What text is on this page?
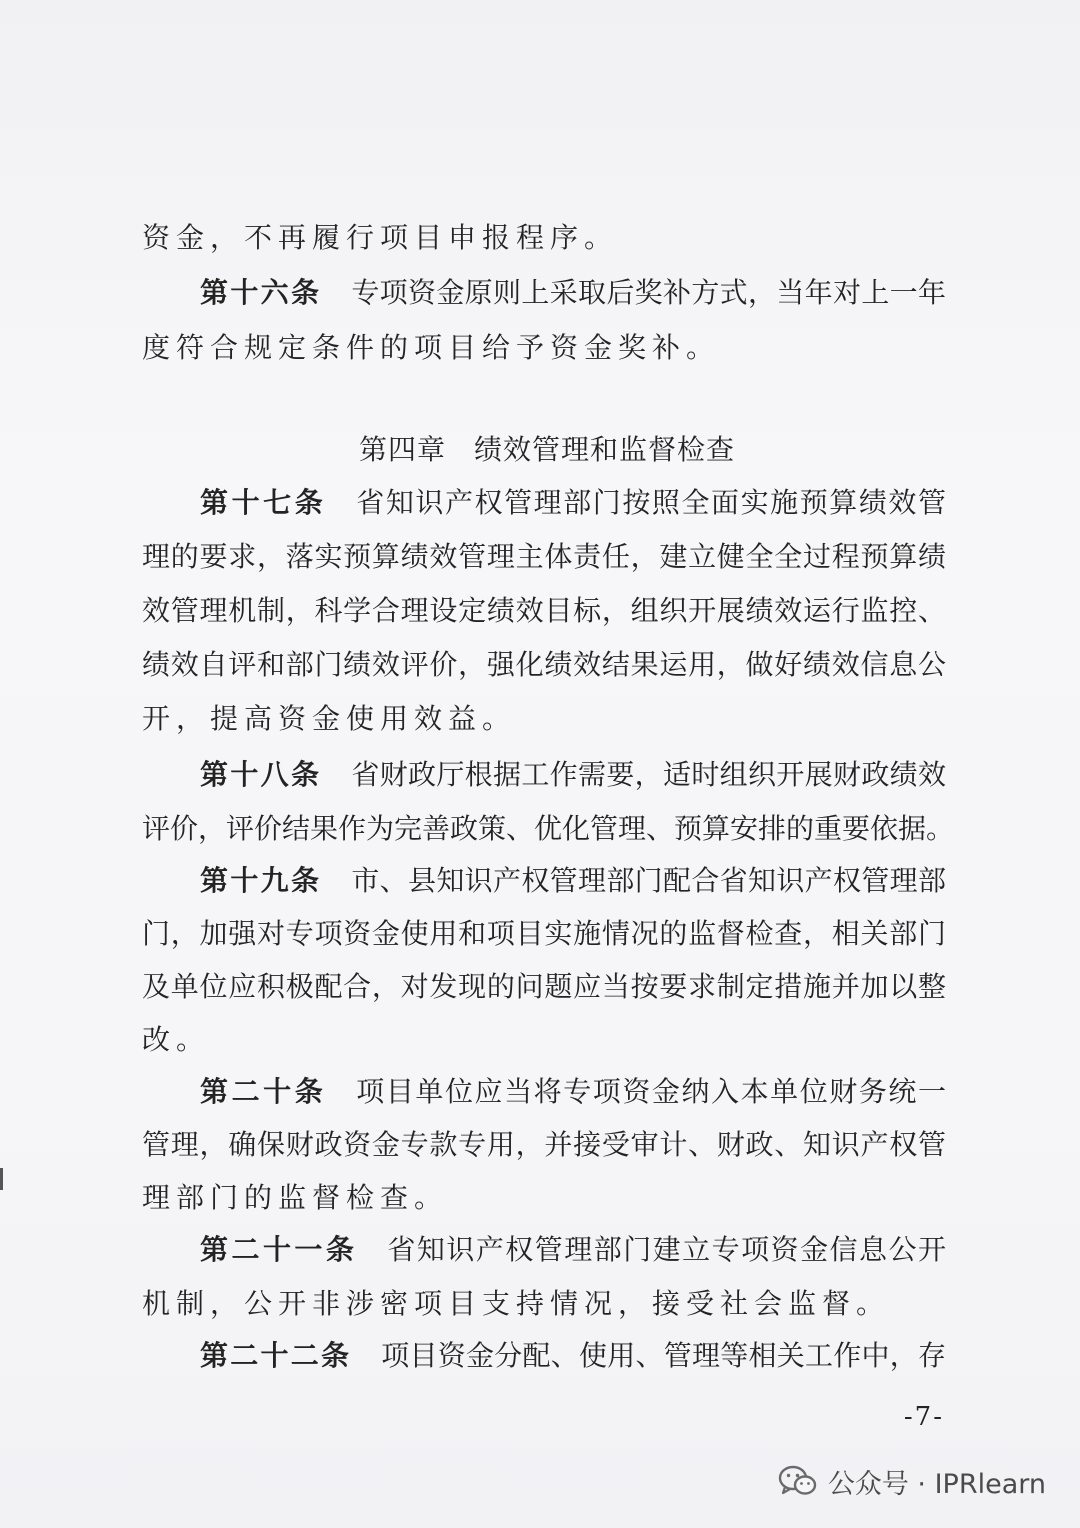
资金，不再履行项目申报程序。
第十六条 专项资金原则上采取后奖补方式，当年对上一年
度符合规定条件的项目给予资金奖补。
第四章 绩效管理和监督检查
第十七条 省知识产权管理部门按照全面实施预算绩效管
理的要求，落实预算绩效管理主体责任，建立健全全过程预算绩
效管理机制，科学合理设定绩效目标，组织开展绩效运行监控、
绩效自评和部门绩效评价，强化绩效结果运用，做好绩效信息公
开，提高资金使用效益。
第十八条 省财政厅根据工作需要，适时组织开展财政绩效
评价，评价结果作为完善政策、优化管理、预算安排的重要依据。
第十九条 市、县知识产权管理部门配合省知识产权管理部
门，加强对专项资金使用和项目实施情况的监督检查，相关部门
及单位应积极配合，对发现的问题应当按要求制定措施并加以整
改。
第二十条 项目单位应当将专项资金纳入本单位财务统一
管理，确保财政资金专款专用，并接受审计、财政、知识产权管
理部门的监督检查。
第二十一条 省知识产权管理部门建立专项资金信息公开
机制，公开非涉密项目支持情况，接受社会监督。
第二十二条 项目资金分配、使用、管理等相关工作中，存
-7-
公众号 · IPRlearn
